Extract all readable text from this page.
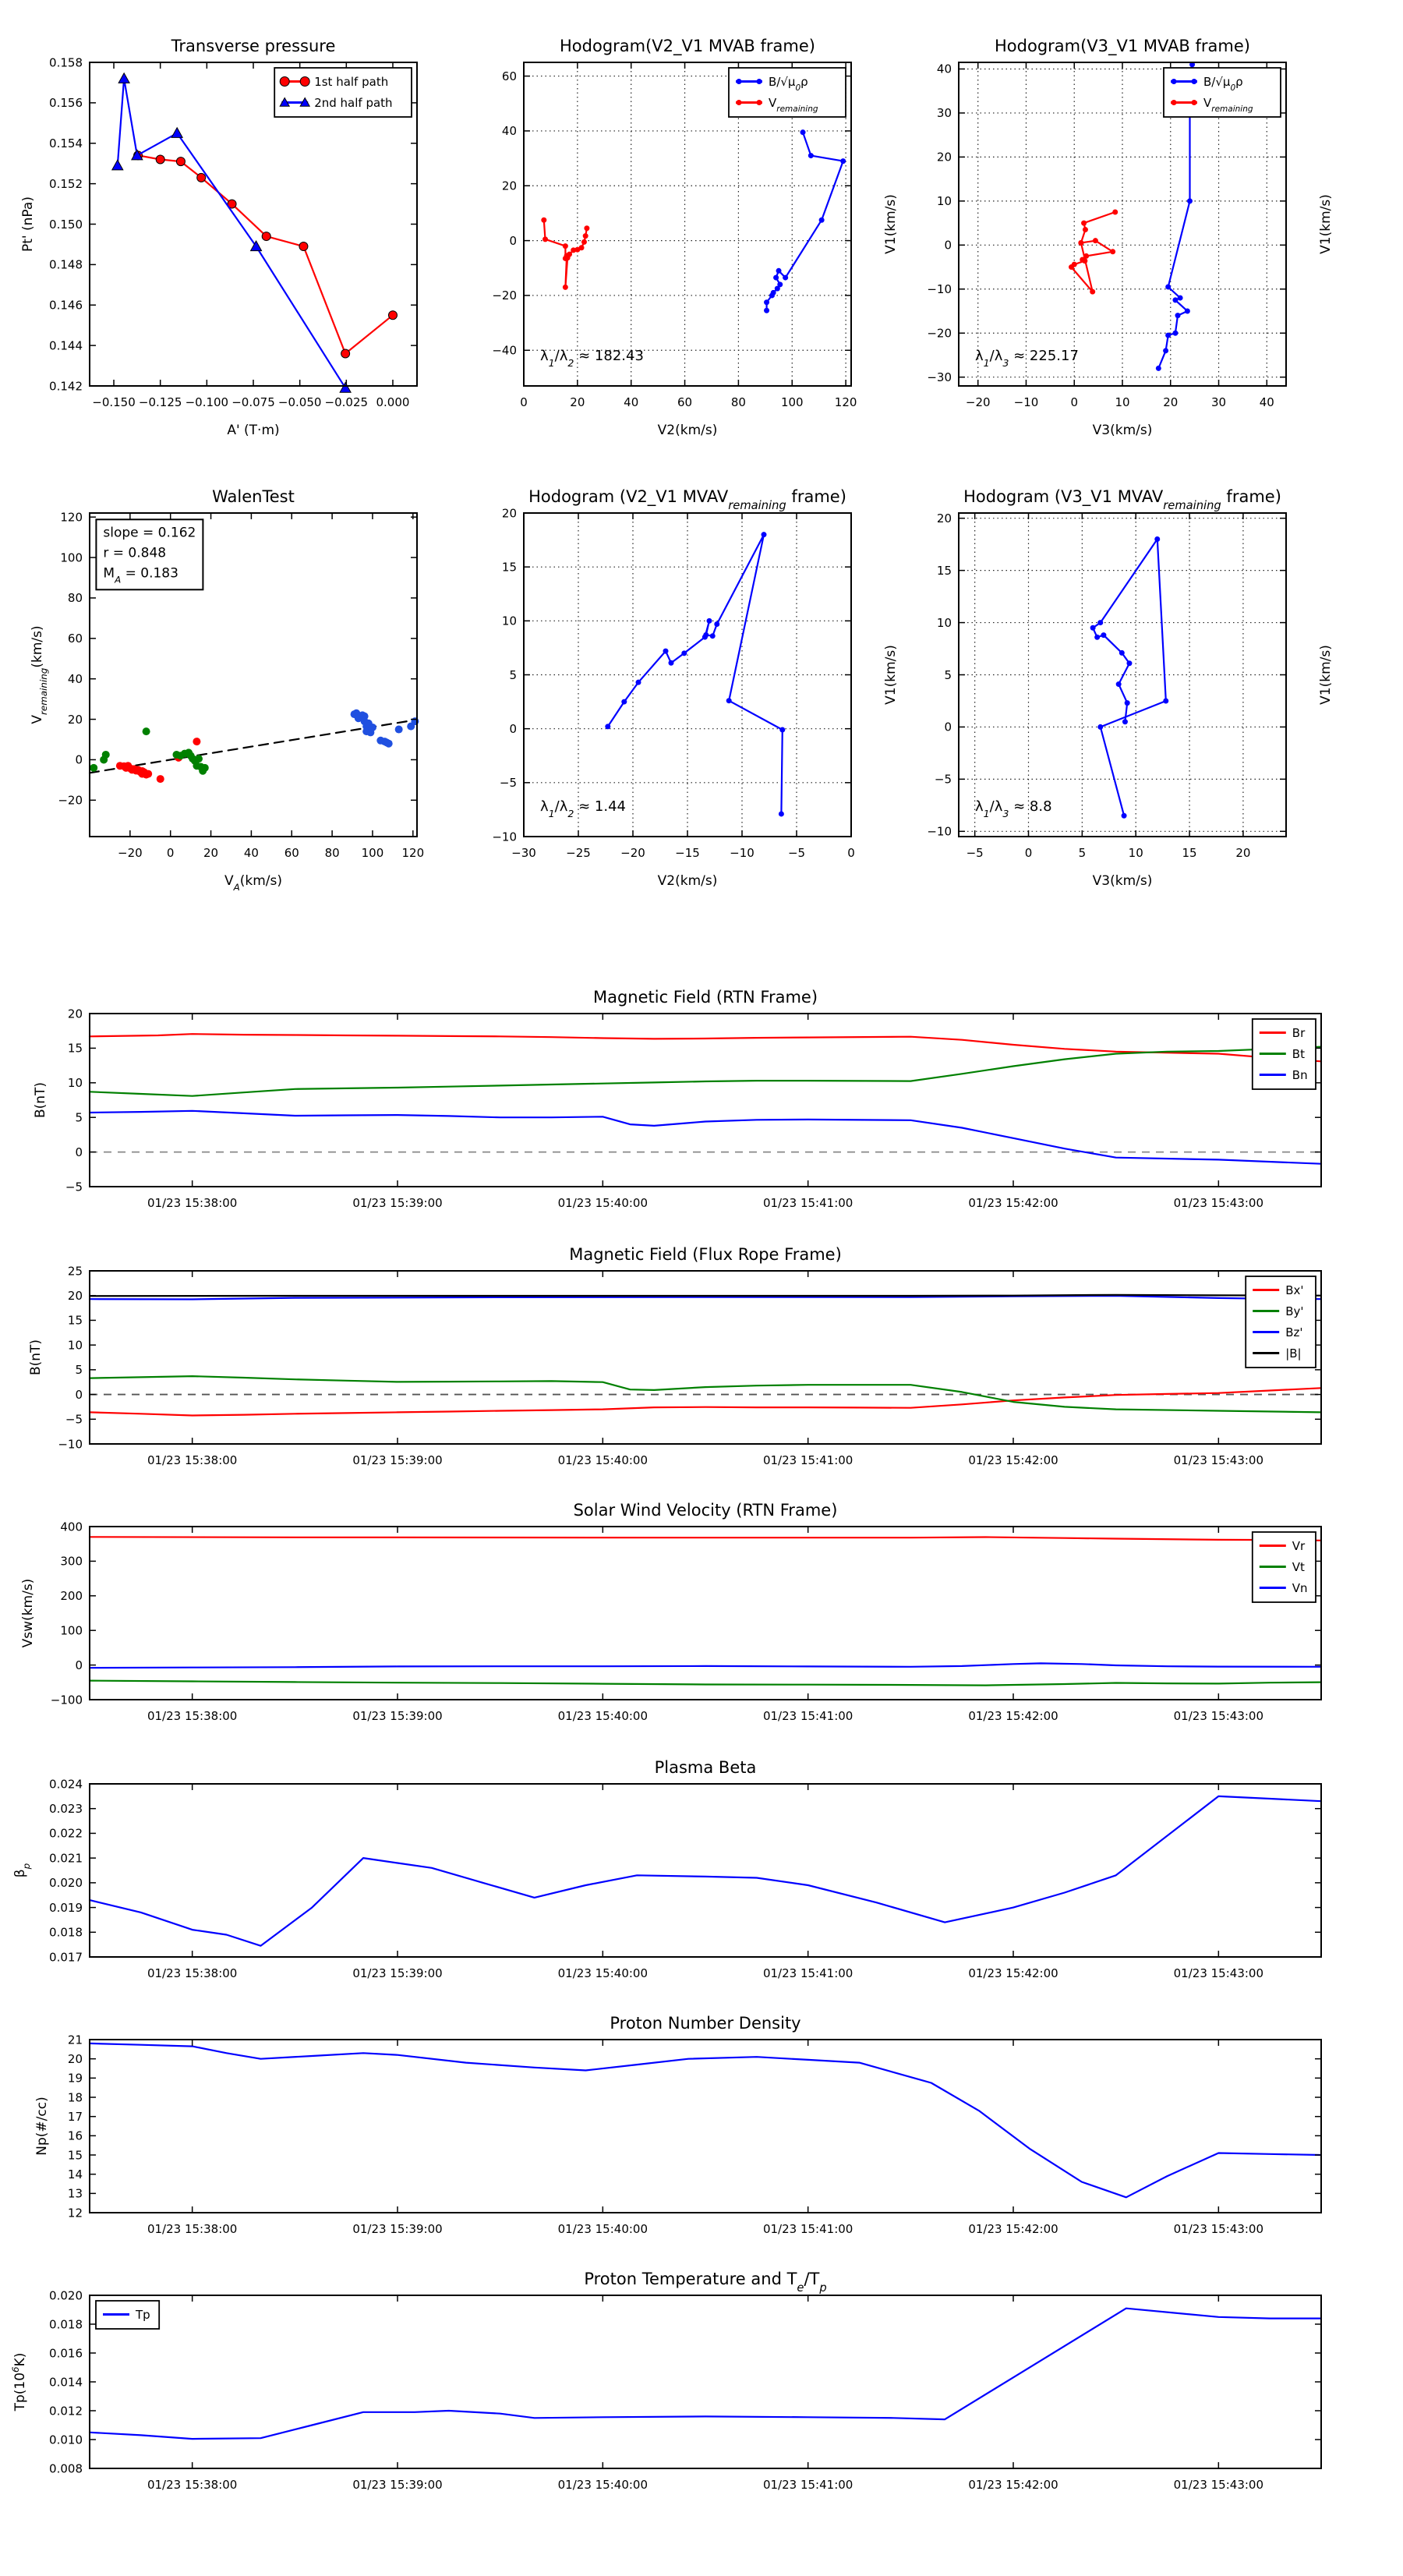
−0.150 −0.125 −0.100 −0.075 −0.050 −0.025 0.000
0.142
0.144
0.146
0.148
0.150
0.152
0.154
0.156
0.158
Transverse pressure
A' (T·m)
Pt' (nPa)
1st half path
2nd half path
0	20	40	60	80	100	120
−40
−20
0
20
40
60
Hodogram(V2_V1 MVAB frame)
V2(km/s)
V1(km/s)
$\lambda_1/\lambda_2 \approx 182.43$
$B/√\mu_0\rho$
$V_{remaining}$
−20 −10	0	10	20	30	40
−30
−20
−10
0
10
20
30
40
Hodogram(V3_V1 MVAB frame)
V3(km/s)
V1(km/s)
$\lambda_1/\lambda_3 \approx 225.17$
$B/√\mu_0\rho$
$V_{remaining}$
−20 0	20 40 60 80 100 120
−20
0
20
40
60
80
100
120
WalenTest
$V_A(km/s)$
$V_{remaining}(km/s)$
slope = 0.162
r = 0.848
$M_A = 0.183$
−30	−25	−20	−15	−10	−5	0
−10
−5
0
5
10
15
20
Hodogram (V2_V1 $MVAV_{remaining}$ frame)
V2(km/s)
V1(km/s)
$\lambda_1/\lambda_2 \approx 1.44$
−5	0	5	10	15	20
−10
−5
0
5
10
15
20
Hodogram (V3_V1 $MVAV_{remaining}$ frame)
V3(km/s)
V1(km/s)
$\lambda_1/\lambda_3 \approx 8.8$
01/23 15:38:00	01/23 15:39:00	01/23 15:40:00	01/23 15:41:00	01/23 15:42:00	01/23 15:43:00
−5
0
5
10
15
20
Magnetic Field (RTN Frame)
B(nT)
Br
Bt
Bn
01/23 15:38:00	01/23 15:39:00	01/23 15:40:00	01/23 15:41:00	01/23 15:42:00	01/23 15:43:00
−10
−5
0
5
10
15
20
25
Magnetic Field (Flux Rope Frame)
B(nT)
Bx'
By'
Bz'
|B|
01/23 15:38:00	01/23 15:39:00	01/23 15:40:00	01/23 15:41:00	01/23 15:42:00	01/23 15:43:00
−100
0
100
200
300
400
Solar Wind Velocity (RTN Frame)
Vsw(km/s)
Vr
Vt
Vn
01/23 15:38:00	01/23 15:39:00	01/23 15:40:00	01/23 15:41:00	01/23 15:42:00	01/23 15:43:00
0.017
0.018
0.019
0.020
0.021
0.022
0.023
0.024
Plasma Beta
$\beta_p$
01/23 15:38:00	01/23 15:39:00	01/23 15:40:00	01/23 15:41:00	01/23 15:42:00	01/23 15:43:00
12
13
14
15
16
17
18
19
20
21
Proton Number Density
Np(#/cc)
01/23 15:38:00	01/23 15:39:00	01/23 15:40:00	01/23 15:41:00	01/23 15:42:00	01/23 15:43:00
0.008
0.010
0.012
0.014
0.016
0.018
0.020
Proton Temperature and $T_e/T_p$
$Tp(10^6K)$
Tp
